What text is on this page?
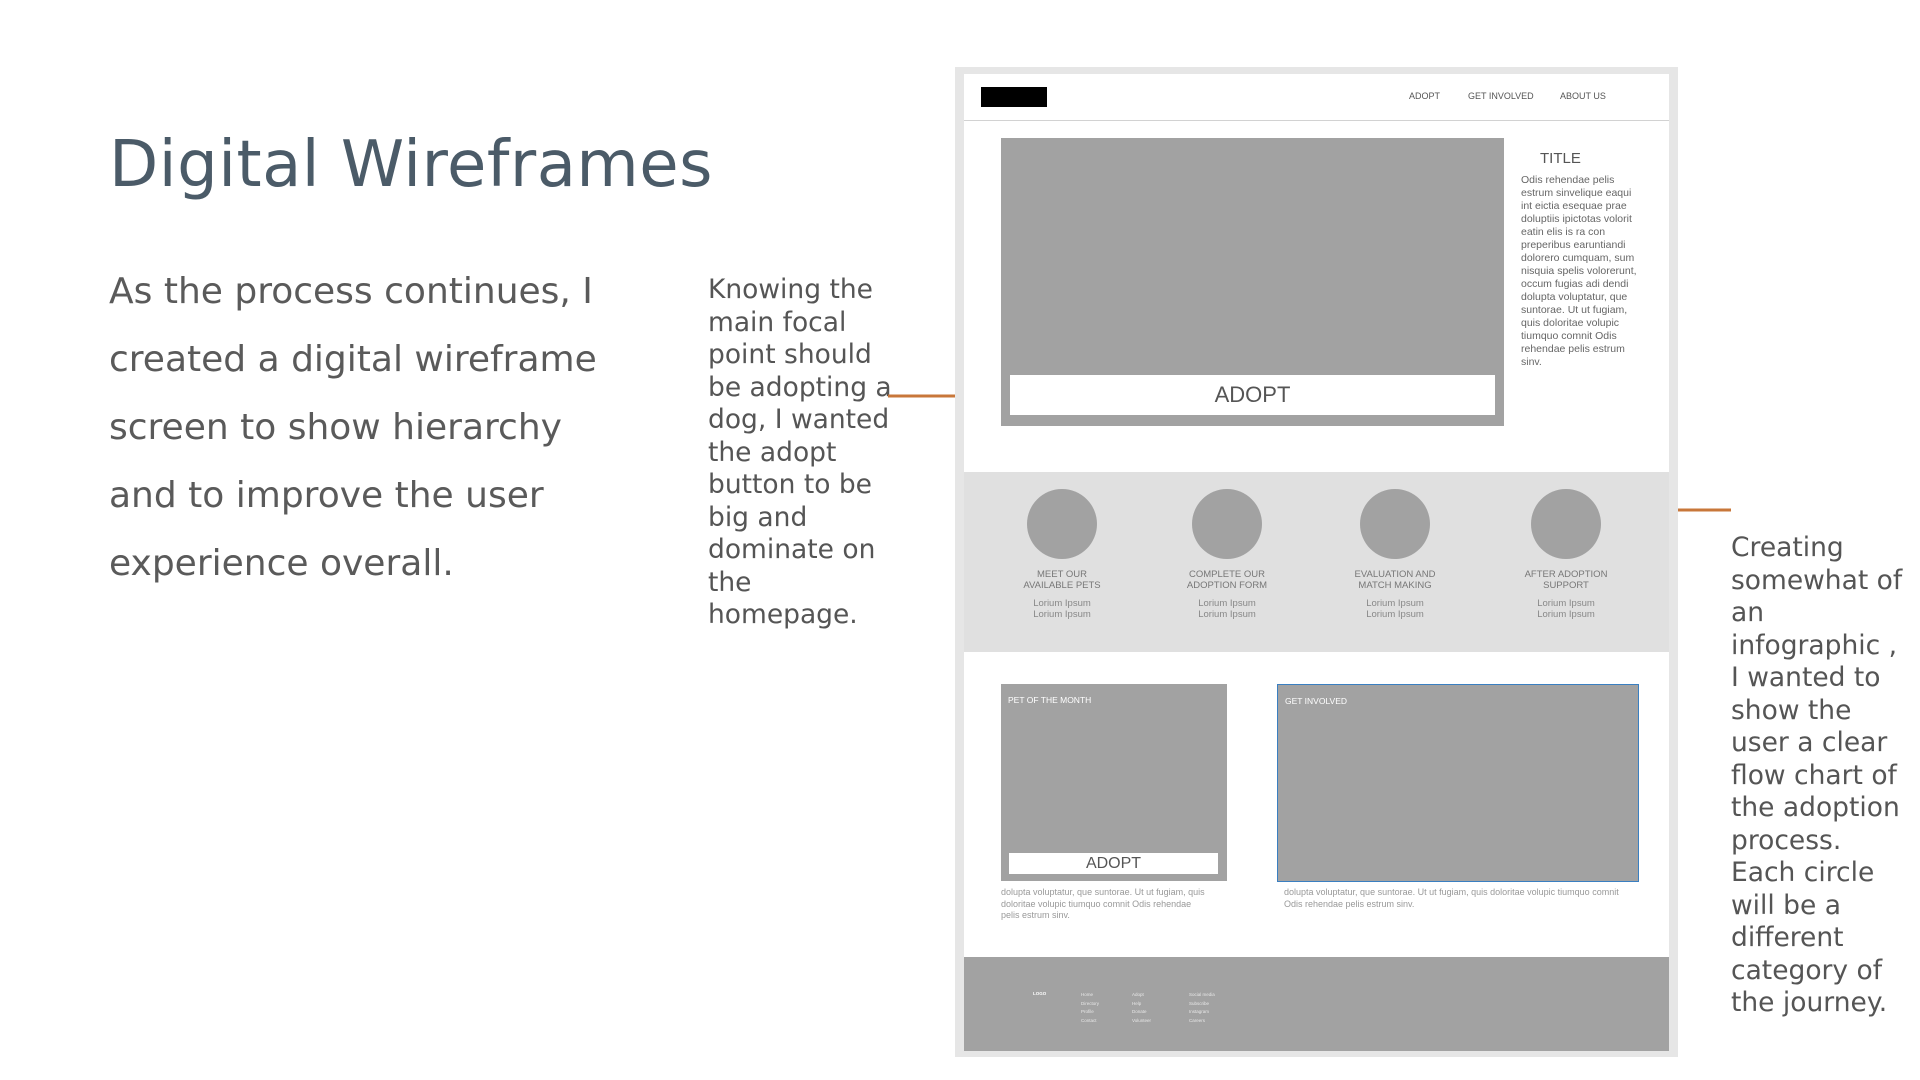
Digital Wireframes

As the process continues, I created a digital wireframe screen to show hierarchy and to improve the user experience overall.

Knowing the main focal point should be adopting a dog, I wanted the adopt button to be big and dominate on the homepage.

Creating somewhat of an infographic , I wanted to show the user a clear flow chart of the adoption process. Each circle will be a different category of the journey.

ADOPT	GET INVOLVED	ABOUT US
ADOPT
TITLE

Odis rehendae pelis estrum sinvelique eaqui int eictia esequae prae doluptiis ipictotas volorit eatin elis is ra con preperibus earuntiandi dolorero cumquam, sum nisquia spelis volorerunt, occum fugias adi dendi dolupta voluptatur, que suntorae. Ut ut fugiam, quis doloritae volupic tiumquo comnit Odis rehendae pelis estrum sinv.

MEET OUR
AVAILABLE PETS
Lorium Ipsum
Lorium Ipsum
COMPLETE OUR
ADOPTION FORM
Lorium Ipsum
Lorium Ipsum
EVALUATION AND
MATCH MAKING
Lorium Ipsum
Lorium Ipsum
AFTER ADOPTION
SUPPORT
Lorium Ipsum
Lorium Ipsum
PET OF THE MONTH
ADOPT

dolupta voluptatur, que suntorae. Ut ut fugiam, quis doloritae volupic tiumquo comnit Odis rehendae pelis estrum sinv.

GET INVOLVED

dolupta voluptatur, que suntorae. Ut ut fugiam, quis doloritae volupic tiumquo comnit Odis rehendae pelis estrum sinv.

LOGO	Home
Directory
Profile
Contact
Adopt
Help
Donate
Volunteer
Social media
Subscribe
Instagram
Careers
